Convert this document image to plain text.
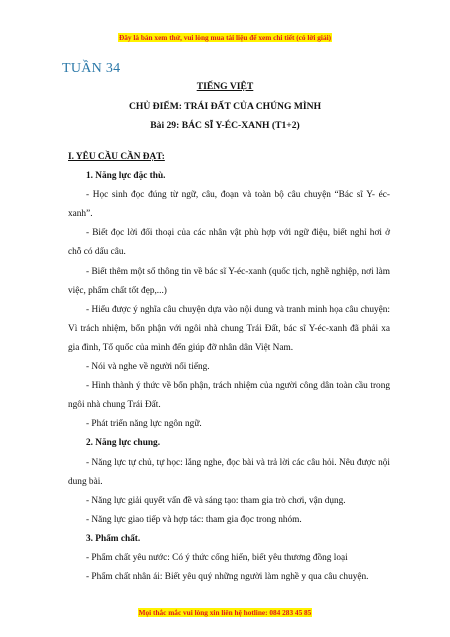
Đây là bản xem thử, vui lòng mua tài liệu để xem chi tiết (có lời giải)
TUẦN 34
TIẾNG VIỆT
CHỦ ĐIỂM: TRÁI ĐẤT CỦA CHÚNG MÌNH
Bài 29: BÁC SĨ Y-ÉC-XANH (T1+2)

I. YÊU CẦU CẦN ĐẠT:

1. Năng lực đặc thù.

- Học sinh đọc đúng từ ngữ, câu, đoạn và toàn bộ câu chuyện “Bác sĩ Y- éc-xanh”.

- Biết đọc lời đối thoại của các nhân vật phù hợp với ngữ điệu, biết nghỉ hơi ở chỗ có dấu câu.

- Biết thêm một số thông tin về bác sĩ Y-éc-xanh (quốc tịch, nghề nghiệp, nơi làm việc, phẩm chất tốt đẹp,...)

- Hiểu được ý nghĩa câu chuyện dựa vào nội dung và tranh minh họa câu chuyện: Vì trách nhiệm, bổn phận với ngôi nhà chung Trái Đất, bác sĩ Y-éc-xanh đã phải xa gia đình, Tổ quốc của mình đến giúp đỡ nhân dân Việt Nam.

- Nói và nghe về người nổi tiếng.

- Hình thành ý thức về bổn phận, trách nhiệm của người công dân toàn cầu trong ngôi nhà chung Trái Đất.

- Phát triển năng lực ngôn ngữ.

2. Năng lực chung.

- Năng lực tự chủ, tự học: lắng nghe, đọc bài và trả lời các câu hỏi. Nêu được nội dung bài.

- Năng lực giải quyết vấn đề và sáng tạo: tham gia trò chơi, vận dụng.

- Năng lực giao tiếp và hợp tác: tham gia đọc trong nhóm.

3. Phẩm chất.

- Phẩm chất yêu nước: Có ý thức cống hiến, biết yêu thương đồng loại

- Phẩm chất nhân ái: Biết yêu quý những người làm nghề y qua câu chuyện.

Mọi thắc mắc vui lòng xin liên hệ hotline: 084 283 45 85
